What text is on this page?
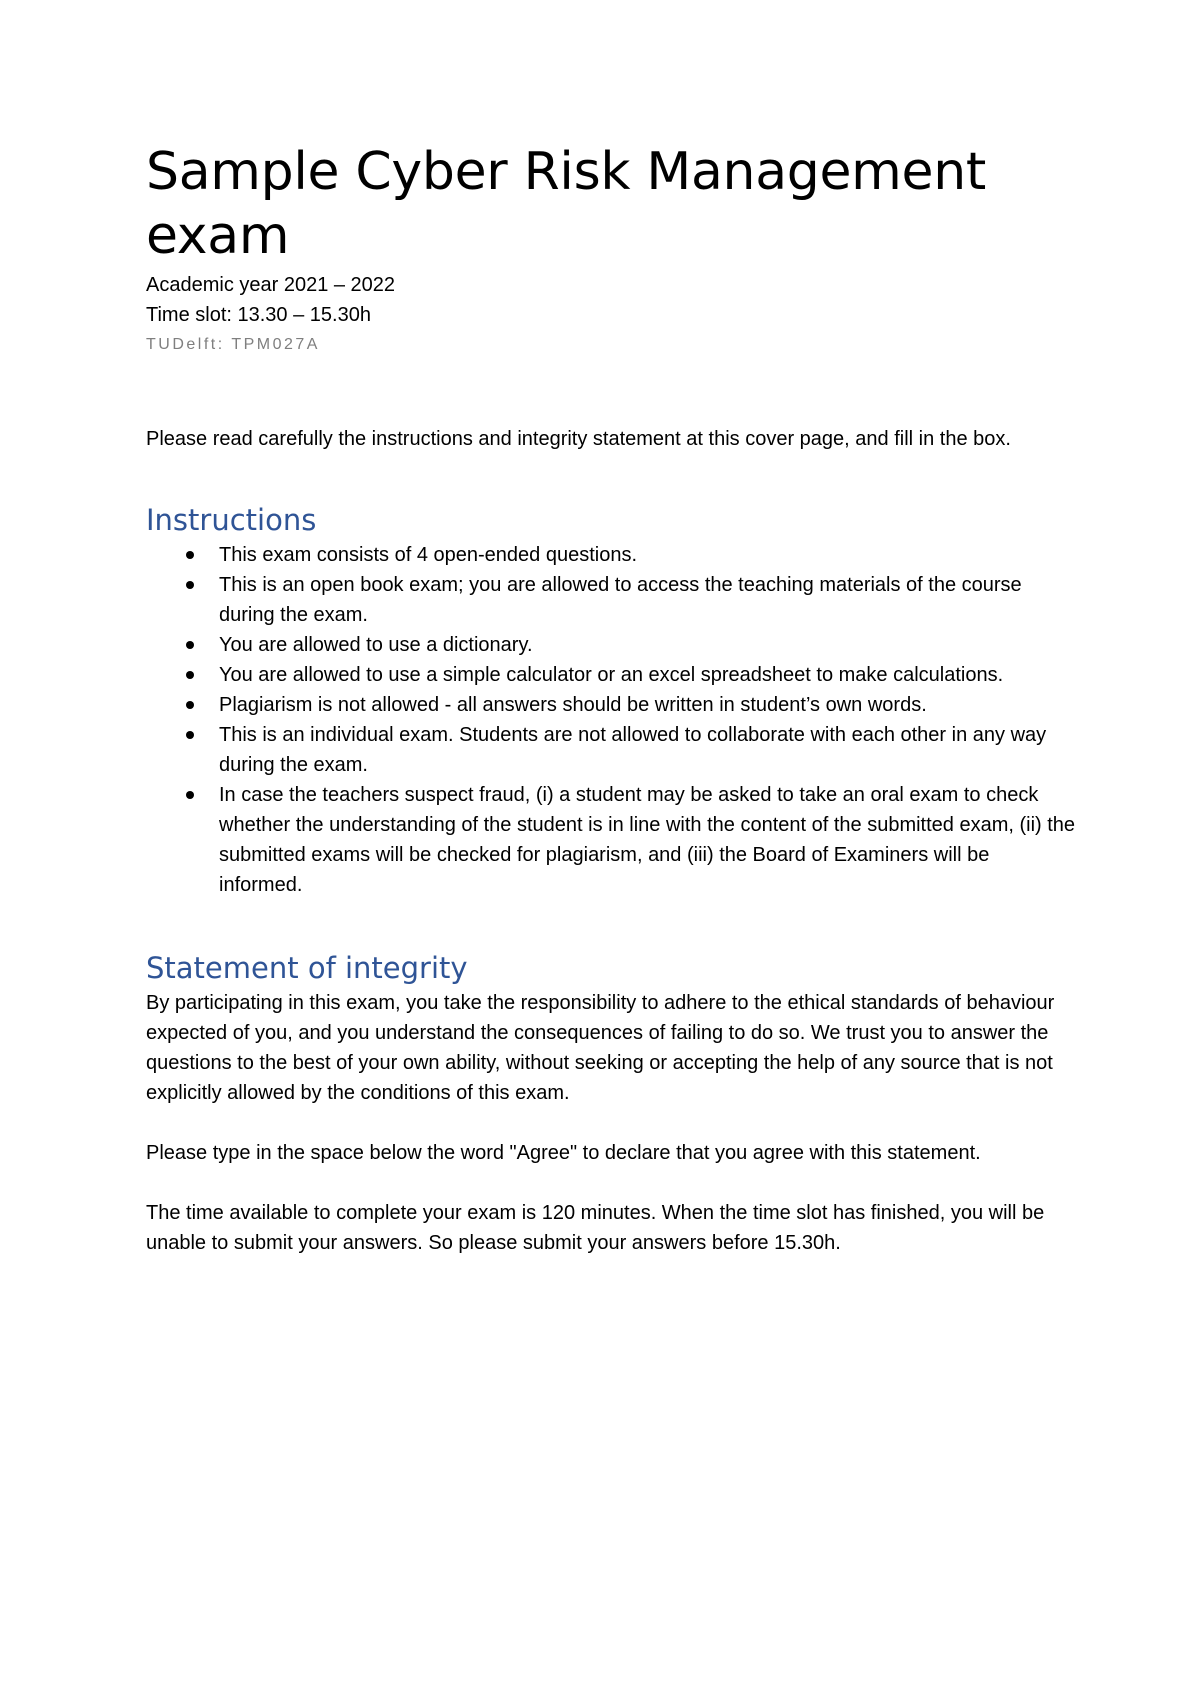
Sample Cyber Risk Management exam

Academic year 2021 – 2022

Time slot: 13.30 – 15.30h

TUDelft: TPM027A

Please read carefully the instructions and integrity statement at this cover page, and fill in the box.

Instructions
This exam consists of 4 open-ended questions.
This is an open book exam; you are allowed to access the teaching materials of the course during the exam.
You are allowed to use a dictionary.
You are allowed to use a simple calculator or an excel spreadsheet to make calculations.
Plagiarism is not allowed - all answers should be written in student’s own words.
This is an individual exam. Students are not allowed to collaborate with each other in any way during the exam.
In case the teachers suspect fraud, (i) a student may be asked to take an oral exam to check whether the understanding of the student is in line with the content of the submitted exam, (ii) the submitted exams will be checked for plagiarism, and (iii) the Board of Examiners will be informed.
Statement of integrity

By participating in this exam, you take the responsibility to adhere to the ethical standards of behaviour expected of you, and you understand the consequences of failing to do so. We trust you to answer the questions to the best of your own ability, without seeking or accepting the help of any source that is not explicitly allowed by the conditions of this exam.

Please type in the space below the word "Agree" to declare that you agree with this statement.

The time available to complete your exam is 120 minutes. When the time slot has finished, you will be unable to submit your answers. So please submit your answers before 15.30h.
